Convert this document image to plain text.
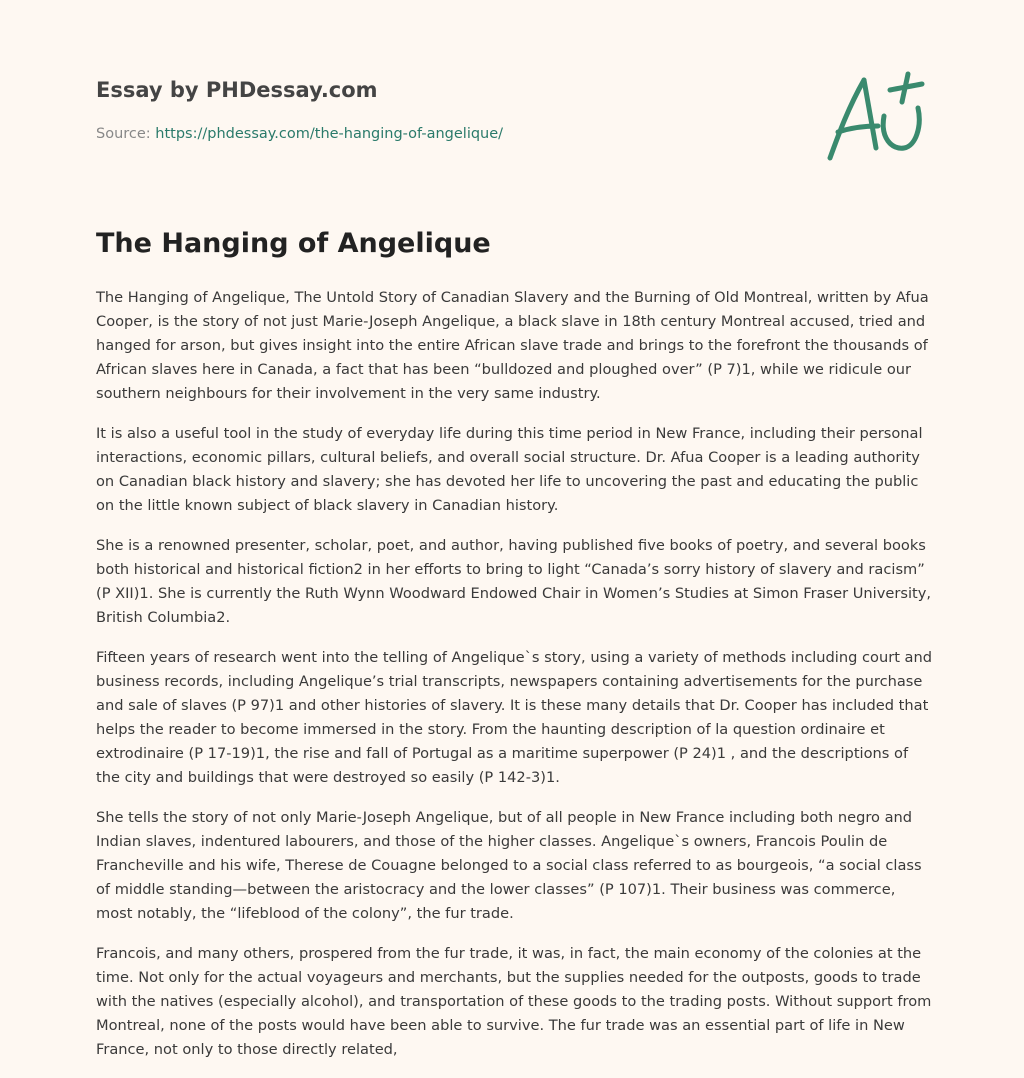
Essay by PHDessay.com
Source: https://phdessay.com/the-hanging-of-angelique/
The Hanging of Angelique

The Hanging of Angelique, The Untold Story of Canadian Slavery and the Burning of Old Montreal, written by Afua Cooper, is the story of not just Marie-Joseph Angelique, a black slave in 18th century Montreal accused, tried and hanged for arson, but gives insight into the entire African slave trade and brings to the forefront the thousands of African slaves here in Canada, a fact that has been “bulldozed and ploughed over” (P 7)1, while we ridicule our southern neighbours for their involvement in the very same industry.

It is also a useful tool in the study of everyday life during this time period in New France, including their personal interactions, economic pillars, cultural beliefs, and overall social structure. Dr. Afua Cooper is a leading authority on Canadian black history and slavery; she has devoted her life to uncovering the past and educating the public on the little known subject of black slavery in Canadian history.

She is a renowned presenter, scholar, poet, and author, having published five books of poetry, and several books both historical and historical fiction2 in her efforts to bring to light “Canada’s sorry history of slavery and racism” (P XII)1. She is currently the Ruth Wynn Woodward Endowed Chair in Women’s Studies at Simon Fraser University, British Columbia2.

Fifteen years of research went into the telling of Angelique`s story, using a variety of methods including court and business records, including Angelique’s trial transcripts, newspapers containing advertisements for the purchase and sale of slaves (P 97)1 and other histories of slavery. It is these many details that Dr. Cooper has included that helps the reader to become immersed in the story. From the haunting description of la question ordinaire et extrodinaire (P 17-19)1, the rise and fall of Portugal as a maritime superpower (P 24)1 , and the descriptions of the city and buildings that were destroyed so easily (P 142-3)1.

She tells the story of not only Marie-Joseph Angelique, but of all people in New France including both negro and Indian slaves, indentured labourers, and those of the higher classes. Angelique`s owners, Francois Poulin de Francheville and his wife, Therese de Couagne belonged to a social class referred to as bourgeois, “a social class of middle standing—between the aristocracy and the lower classes” (P 107)1. Their business was commerce, most notably, the “lifeblood of the colony”, the fur trade.

Francois, and many others, prospered from the fur trade, it was, in fact, the main economy of the colonies at the time. Not only for the actual voyageurs and merchants, but the supplies needed for the outposts, goods to trade with the natives (especially alcohol), and transportation of these goods to the trading posts. Without support from Montreal, none of the posts would have been able to survive. The fur trade was an essential part of life in New France, not only to those directly related,
